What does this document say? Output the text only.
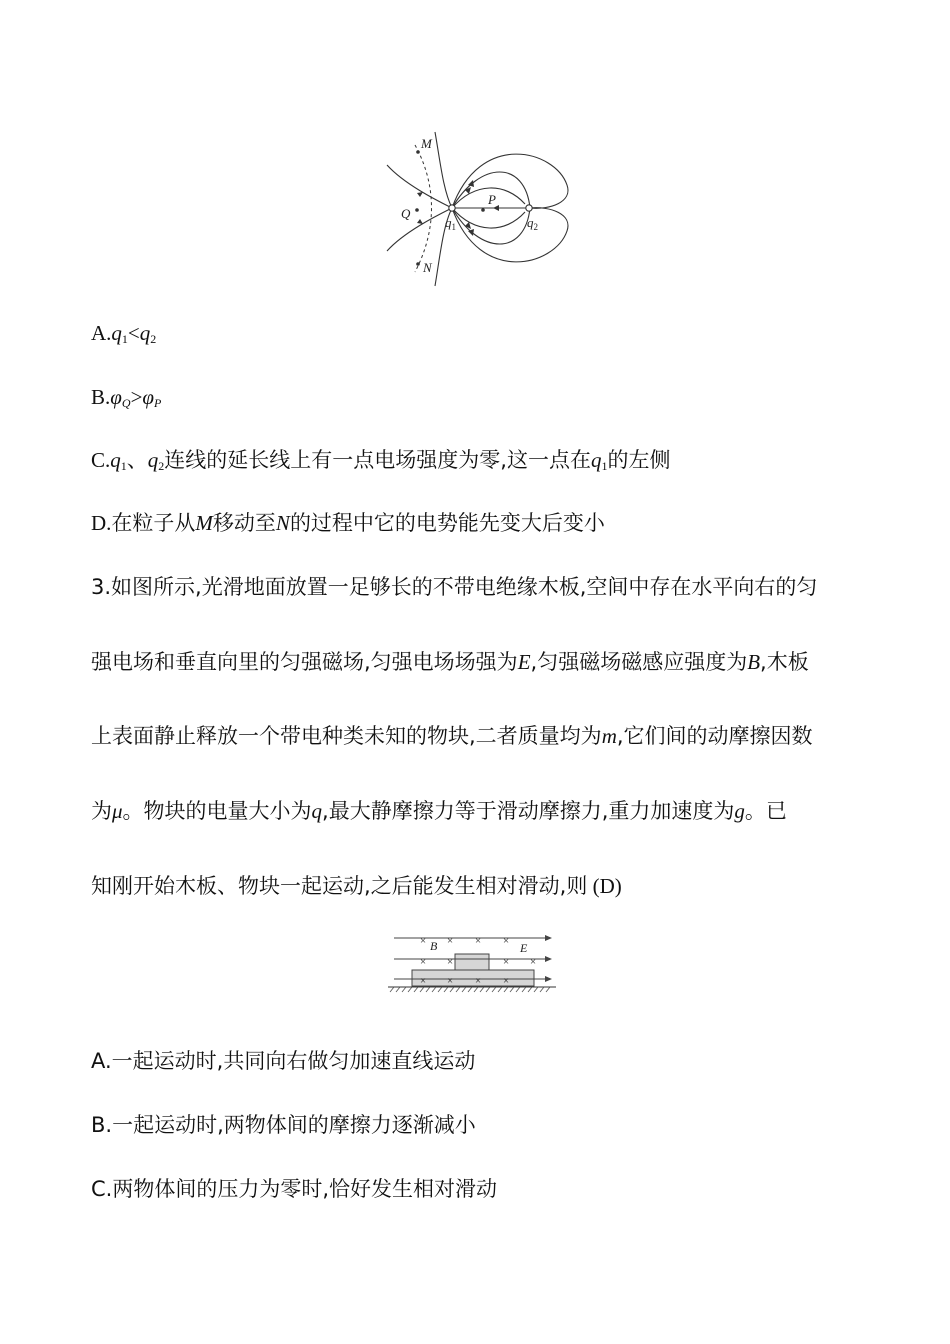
M
N
Q
P
$q_1$	$q_2$
$A.q_1<q_2$
$B.\varphi_Q>\varphi_P$
$C.q_1$、$q_2$连线的延长线上有一点电场强度为零,这一点在$q_1$的左侧
D.在粒子从M移动至N的过程中它的电势能先变大后变小
3.如图所示,光滑地面放置一足够长的不带电绝缘木板,空间中存在水平向右的匀
强电场和垂直向里的匀强磁场,匀强电场场强为E,匀强磁场磁感应强度为B,木板
上表面静止释放一个带电种类未知的物块,二者质量均为m,它们间的动摩擦因数
为μ。物块的电量大小为q,最大静摩擦力等于滑动摩擦力,重力加速度为g。已
知刚开始木板、物块一起运动,之后能发生相对滑动,则 (D)
× × × ×
× ×	× ×
× × × ×
B	E
A.一起运动时,共同向右做匀加速直线运动
B.一起运动时,两物体间的摩擦力逐渐减小
C.两物体间的压力为零时,恰好发生相对滑动
